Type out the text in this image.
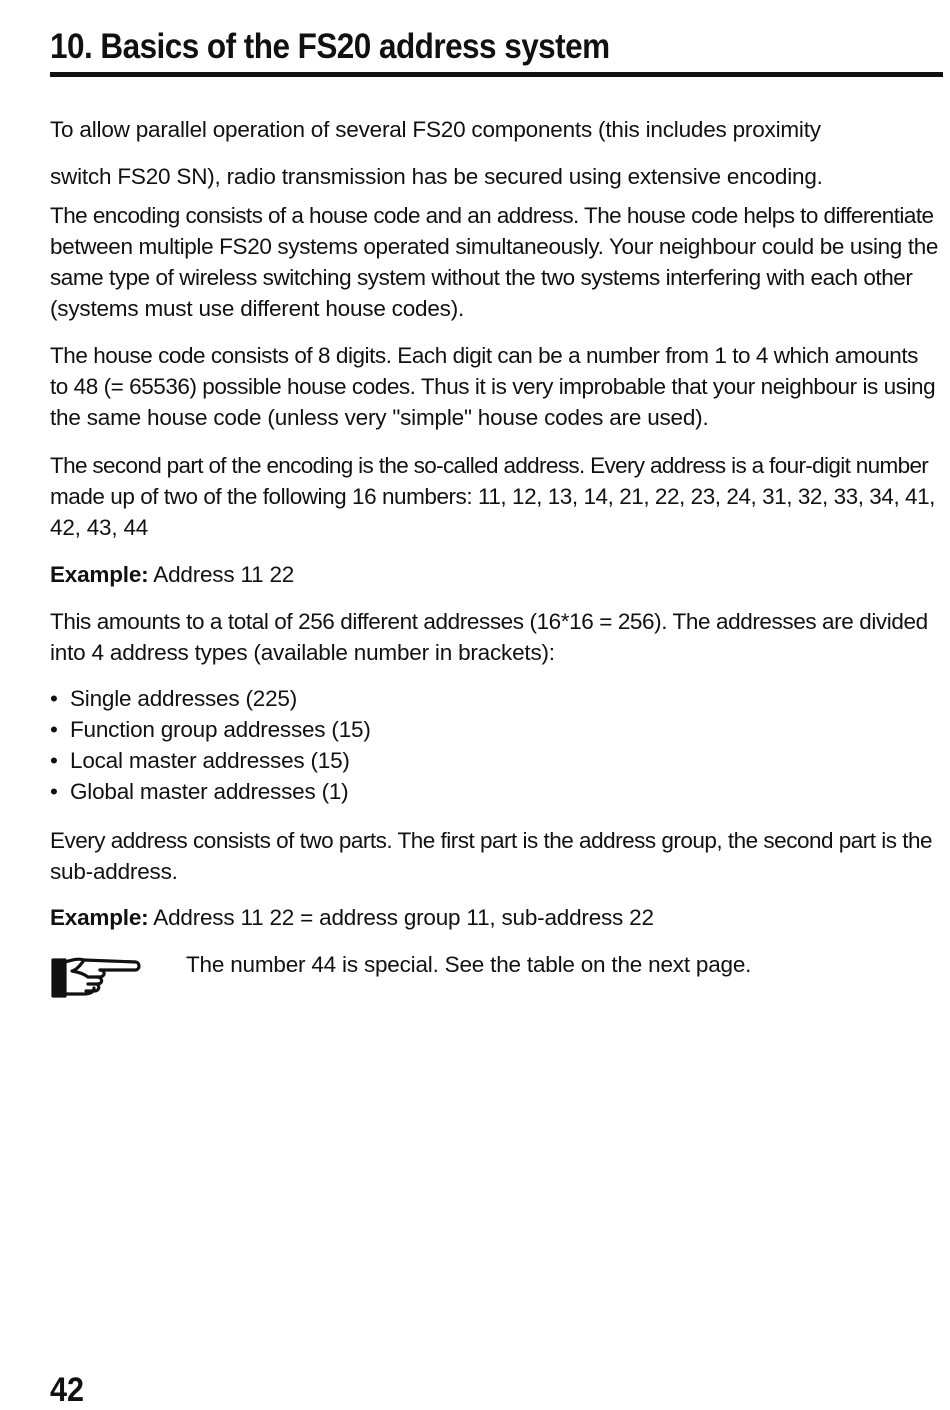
10. Basics of the FS20 address system
To allow parallel operation of several FS20 components (this includes proximity
switch FS20 SN), radio transmission has be secured using extensive encoding.
The encoding consists of a house code and an address. The house code helps to differentiate
between multiple FS20 systems operated simultaneously. Your neighbour could be using the
same type of wireless switching system without the two systems interfering with each other
(systems must use different house codes).
The house code consists of 8 digits. Each digit can be a number from 1 to 4 which amounts
to 48 (= 65536) possible house codes. Thus it is very improbable that your neighbour is using
the same house code (unless very "simple" house codes are used).
The second part of the encoding is the so-called address. Every address is a four-digit number
made up of two of the following 16 numbers: 11, 12, 13, 14, 21, 22, 23, 24, 31, 32, 33, 34, 41,
42, 43, 44
Example: Address 11 22
This amounts to a total of 256 different addresses (16*16 = 256). The addresses are divided
into 4 address types (available number in brackets):
• Single addresses (225)
• Function group addresses (15)
• Local master addresses (15)
• Global master addresses (1)
Every address consists of two parts. The first part is the address group, the second part is the
sub-address.
Example: Address 11 22 = address group 11, sub-address 22
The number 44 is special. See the table on the next page.
42
